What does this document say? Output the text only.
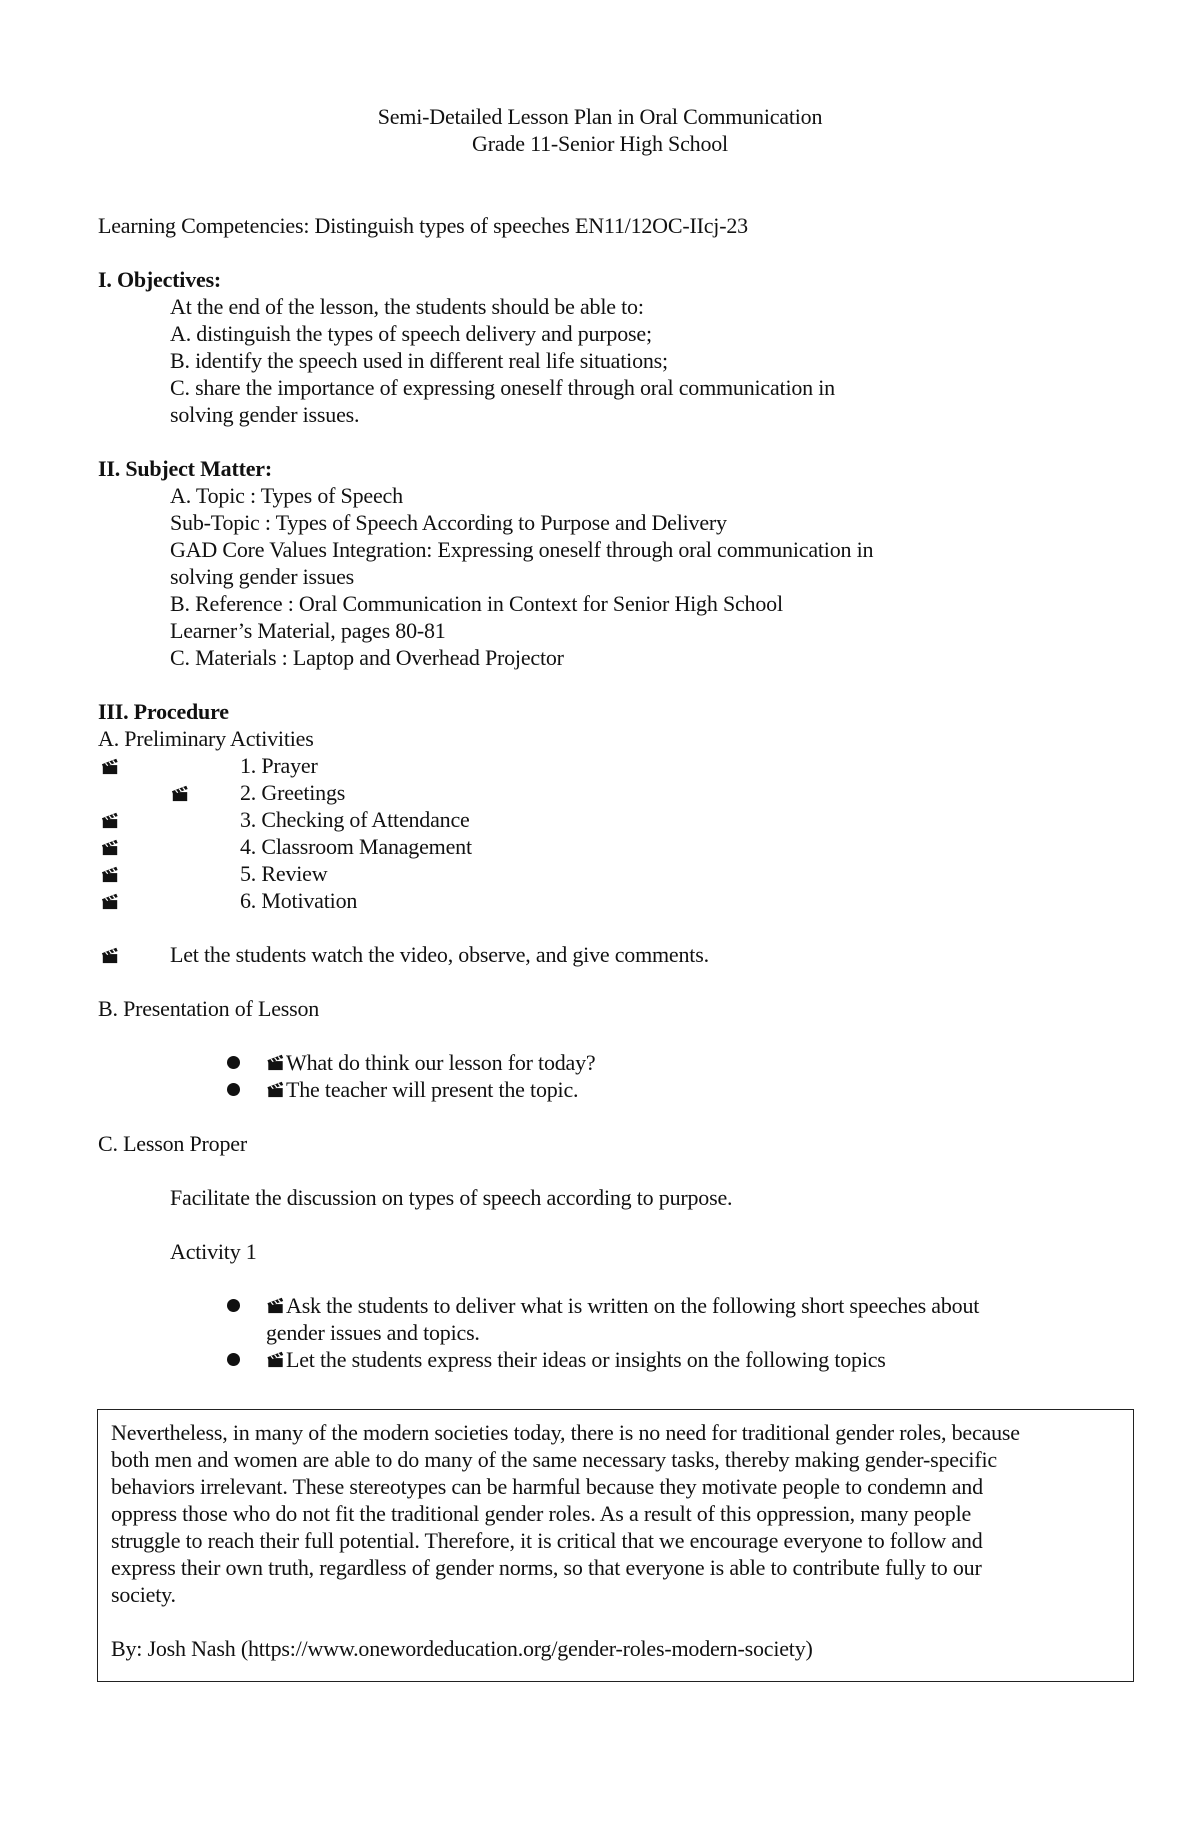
Semi-Detailed Lesson Plan in Oral Communication
Grade 11-Senior High School
Learning Competencies: Distinguish types of speeches EN11/12OC-IIcj-23
I. Objectives:
At the end of the lesson, the students should be able to:
A. distinguish the types of speech delivery and purpose;
B. identify the speech used in different real life situations;
C. share the importance of expressing oneself through oral communication in
solving gender issues.
II. Subject Matter:
A. Topic : Types of Speech
Sub-Topic : Types of Speech According to Purpose and Delivery
GAD Core Values Integration: Expressing oneself through oral communication in
solving gender issues
B. Reference : Oral Communication in Context for Senior High School
Learner’s Material, pages 80-81
C. Materials : Laptop and Overhead Projector
III. Procedure
A. Preliminary Activities
1. Prayer
2. Greetings
3. Checking of Attendance
4. Classroom Management
5. Review
6. Motivation
Let the students watch the video, observe, and give comments.
B. Presentation of Lesson
What do think our lesson for today?
The teacher will present the topic.
C. Lesson Proper
Facilitate the discussion on types of speech according to purpose.
Activity 1
Ask the students to deliver what is written on the following short speeches about
gender issues and topics.
Let the students express their ideas or insights on the following topics
Nevertheless, in many of the modern societies today, there is no need for traditional gender roles, because
both men and women are able to do many of the same necessary tasks, thereby making gender-specific
behaviors irrelevant. These stereotypes can be harmful because they motivate people to condemn and
oppress those who do not fit the traditional gender roles. As a result of this oppression, many people
struggle to reach their full potential. Therefore, it is critical that we encourage everyone to follow and
express their own truth, regardless of gender norms, so that everyone is able to contribute fully to our
society.
By: Josh Nash (https://www.onewordeducation.org/gender-roles-modern-society)
